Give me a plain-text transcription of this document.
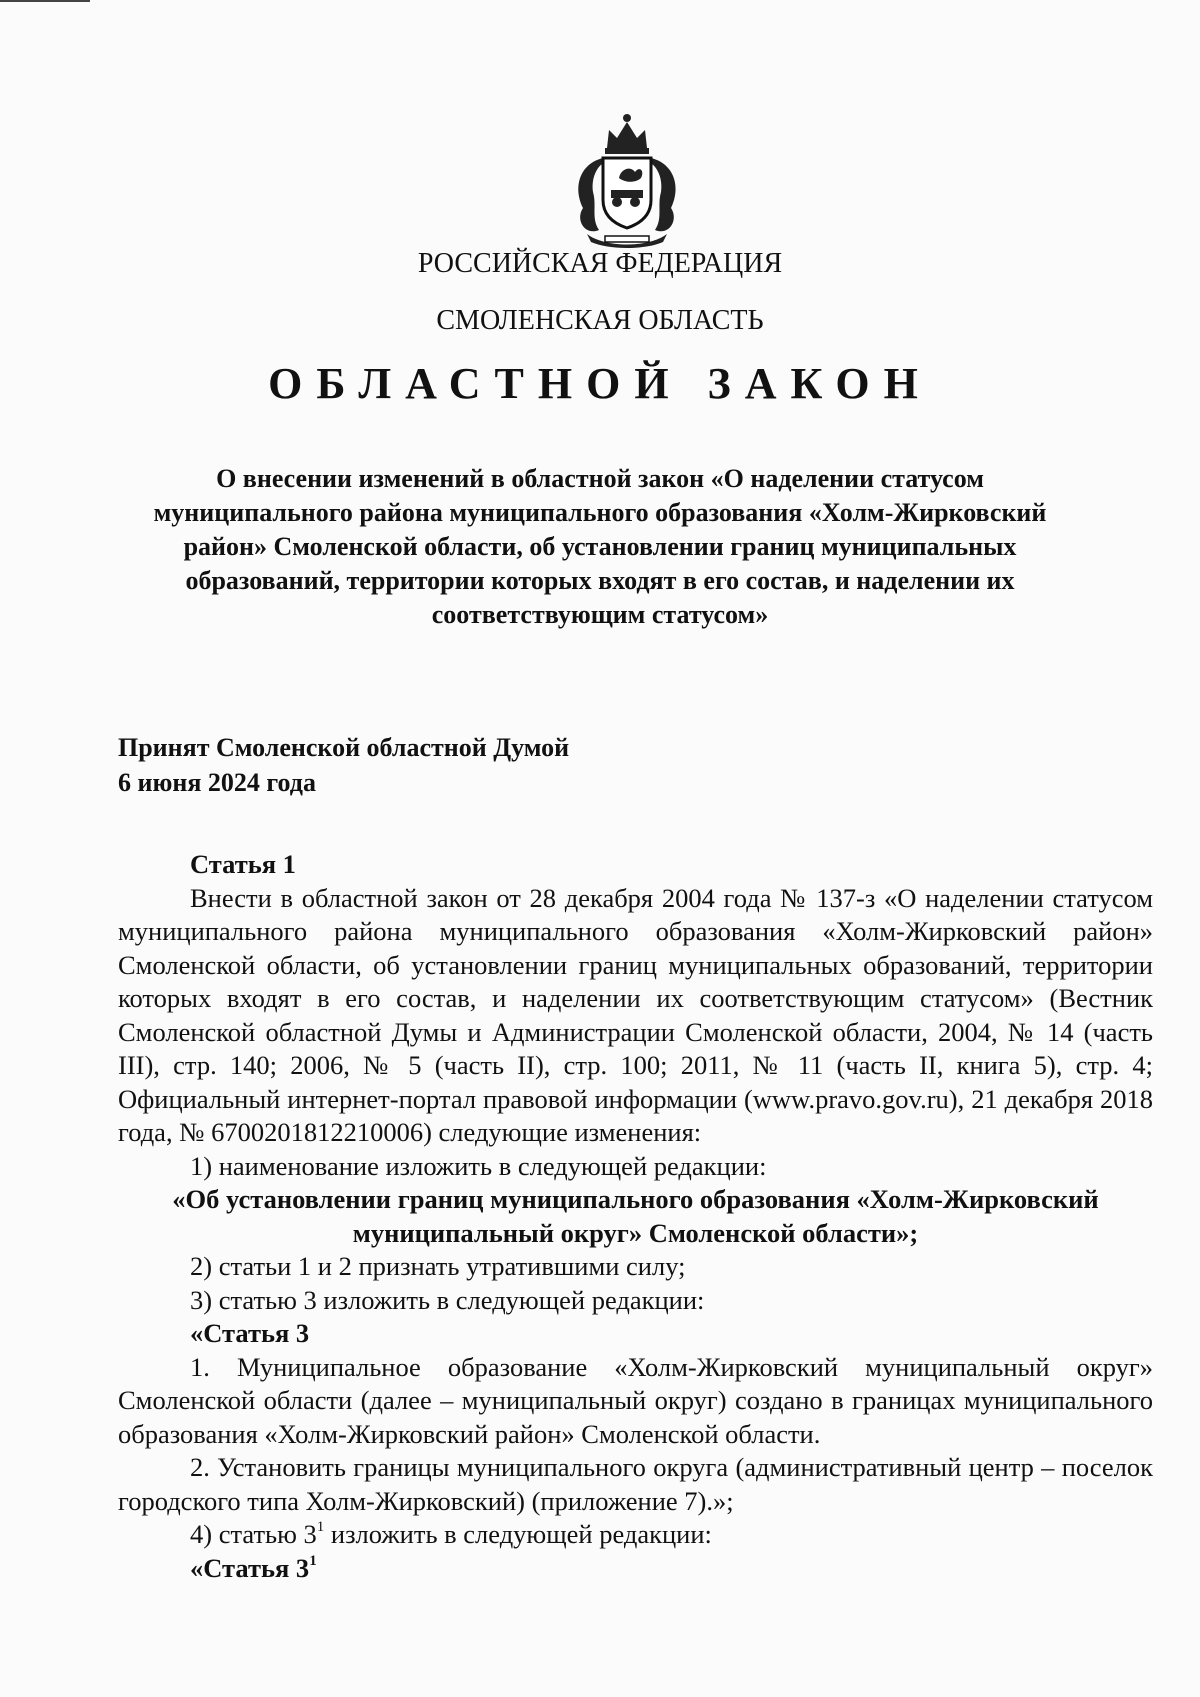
РОССИЙСКАЯ ФЕДЕРАЦИЯ
СМОЛЕНСКАЯ ОБЛАСТЬ
ОБЛАСТНОЙ ЗАКОН
О внесении изменений в областной закон «О наделении статусом
муниципального района муниципального образования «Холм-Жирковский
район» Смоленской области, об установлении границ муниципальных
образований, территории которых входят в его состав, и наделении их
соответствующим статусом»
Принят Смоленской областной Думой
6 июня 2024 года

Статья 1

Внести в областной закон от 28 декабря 2004 года № 137-з «О наделении статусом муниципального района муниципального образования «Холм-Жирковский район» Смоленской области, об установлении границ муниципальных образований, территории которых входят в его состав, и наделении их соответствующим статусом» (Вестник Смоленской областной Думы и Администрации Смоленской области, 2004, № 14 (часть III), стр. 140; 2006, № 5 (часть II), стр. 100; 2011, № 11 (часть II, книга 5), стр. 4; Официальный интернет-портал правовой информации (www.pravo.gov.ru), 21 декабря 2018 года, № 6700201812210006) следующие изменения:

1) наименование изложить в следующей редакции:

«Об установлении границ муниципального образования «Холм-Жирковский
муниципальный округ» Смоленской области»;

2) статьи 1 и 2 признать утратившими силу;

3) статью 3 изложить в следующей редакции:

«Статья 3

1. Муниципальное образование «Холм-Жирковский муниципальный округ» Смоленской области (далее – муниципальный округ) создано в границах муниципального образования «Холм-Жирковский район» Смоленской области.

2. Установить границы муниципального округа (административный центр – поселок городского типа Холм-Жирковский) (приложение 7).»;

4) статью $3^1$ изложить в следующей редакции:

«Статья $3^1$
